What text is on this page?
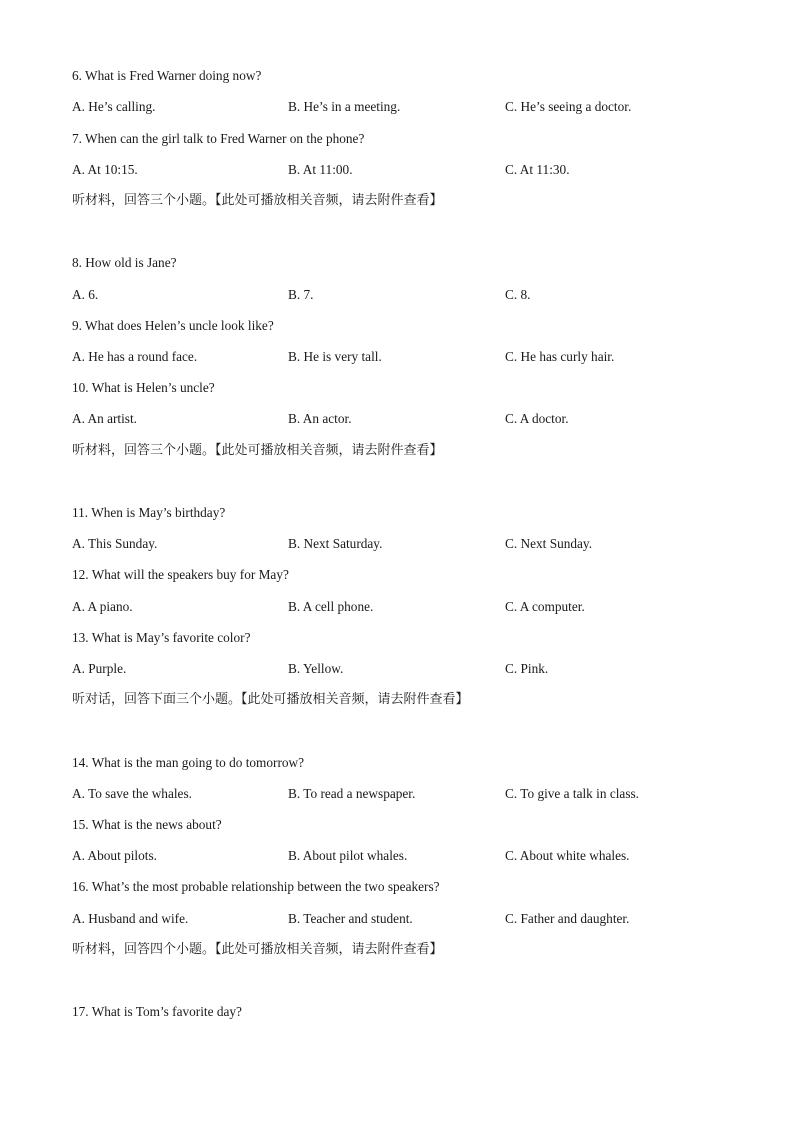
6. What is Fred Warner doing now?
A. He’s calling.	B. He’s in a meeting.	C. He’s seeing a doctor.
7. When can the girl talk to Fred Warner on the phone?
A. At 10:15.	B. At 11:00.	C. At 11:30.
听材料，回答三个小题。【此处可播放相关音频，请去附件查看】
8. How old is Jane?
A. 6.	B. 7.	C. 8.
9. What does Helen’s uncle look like?
A. He has a round face.	B. He is very tall.	C. He has curly hair.
10. What is Helen’s uncle?
A. An artist.	B. An actor.	C. A doctor.
听材料，回答三个小题。【此处可播放相关音频，请去附件查看】
11. When is May’s birthday?
A. This Sunday.	B. Next Saturday.	C. Next Sunday.
12. What will the speakers buy for May?
A. A piano.	B. A cell phone.	C. A computer.
13. What is May’s favorite color?
A. Purple.	B. Yellow.	C. Pink.
听对话，回答下面三个小题。【此处可播放相关音频，请去附件查看】
14. What is the man going to do tomorrow?
A. To save the whales.	B. To read a newspaper.	C. To give a talk in class.
15. What is the news about?
A. About pilots.	B. About pilot whales.	C. About white whales.
16. What’s the most probable relationship between the two speakers?
A. Husband and wife.	B. Teacher and student.	C. Father and daughter.
听材料，回答四个小题。【此处可播放相关音频，请去附件查看】
17. What is Tom’s favorite day?
